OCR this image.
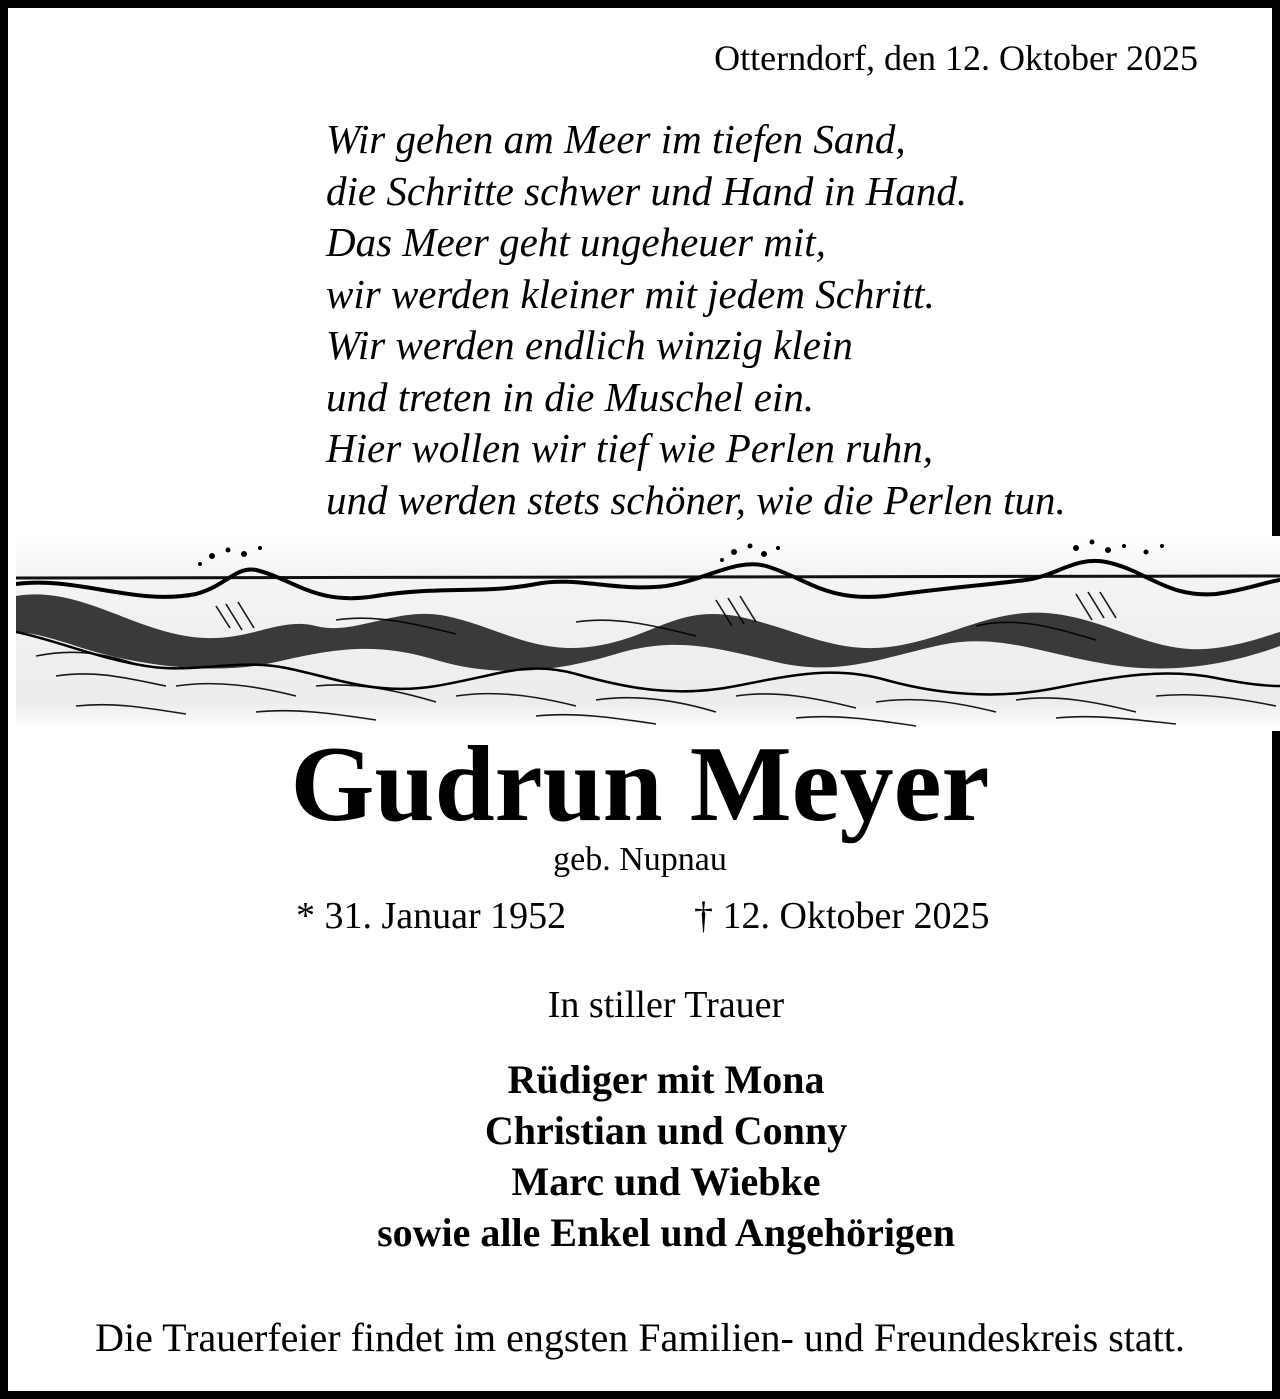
Otterndorf, den 12. Oktober 2025
Wir gehen am Meer im tiefen Sand,
die Schritte schwer und Hand in Hand.
Das Meer geht ungeheuer mit,
wir werden kleiner mit jedem Schritt.
Wir werden endlich winzig klein
und treten in die Muschel ein.
Hier wollen wir tief wie Perlen ruhn,
und werden stets schöner, wie die Perlen tun.
Gudrun Meyer
geb. Nupnau
* 31. Januar 1952	† 12. Oktober 2025
In stiller Trauer
Rüdiger mit Mona
Christian und Conny
Marc und Wiebke
sowie alle Enkel und Angehörigen
Die Trauerfeier findet im engsten Familien- und Freundeskreis statt.
